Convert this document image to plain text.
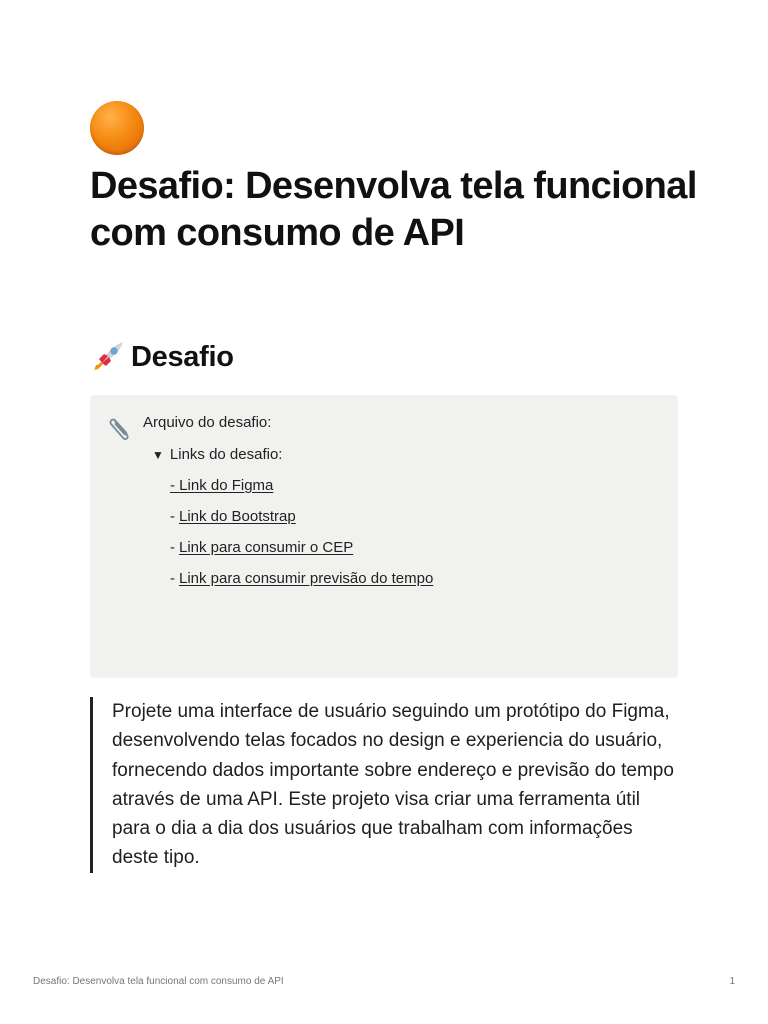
Desafio: Desenvolva tela funcional com consumo de API
Desafio
Arquivo do desafio:
▼ Links do desafio:
- Link do Figma
- Link do Bootstrap
- Link para consumir o CEP
- Link para consumir previsão do tempo
Projete uma interface de usuário seguindo um protótipo do Figma, desenvolvendo telas focados no design e experiencia do usuário, fornecendo dados importante sobre endereço e previsão do tempo através de uma API. Este projeto visa criar uma ferramenta útil para o dia a dia dos usuários que trabalham com informações deste tipo.
Desafio: Desenvolva tela funcional com consumo de API	1
